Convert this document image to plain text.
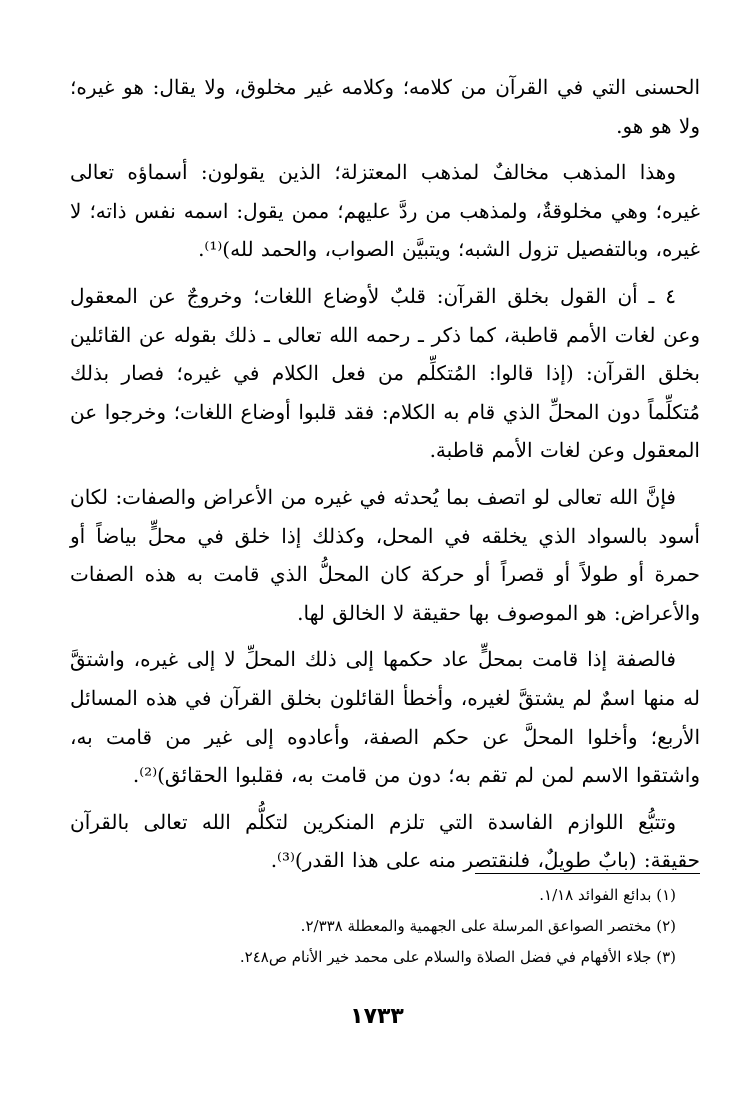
الحسنى التي في القرآن من كلامه؛ وكلامه غير مخلوق، ولا يقال: هو غيره؛ ولا هو هو.

وهذا المذهب مخالفٌ لمذهب المعتزلة؛ الذين يقولون: أسماؤه تعالى غيره؛ وهي مخلوقةٌ، ولمذهب من ردَّ عليهم؛ ممن يقول: اسمه نفس ذاته؛ لا غيره، وبالتفصيل تزول الشبه؛ ويتبيَّن الصواب، والحمد لله)⁽¹⁾.

٤ ـ أن القول بخلق القرآن: قلبٌ لأوضاع اللغات؛ وخروجٌ عن المعقول وعن لغات الأمم قاطبة، كما ذكر ـ رحمه الله تعالى ـ ذلك بقوله عن القائلين بخلق القرآن: (إذا قالوا: المُتكلِّم من فعل الكلام في غيره؛ فصار بذلك مُتكلِّماً دون المحلِّ الذي قام به الكلام: فقد قلبوا أوضاع اللغات؛ وخرجوا عن المعقول وعن لغات الأمم قاطبة.

فإنَّ الله تعالى لو اتصف بما يُحدثه في غيره من الأعراض والصفات: لكان أسود بالسواد الذي يخلقه في المحل، وكذلك إذا خلق في محلٍّ بياضاً أو حمرة أو طولاً أو قصراً أو حركة كان المحلُّ الذي قامت به هذه الصفات والأعراض: هو الموصوف بها حقيقة لا الخالق لها.

فالصفة إذا قامت بمحلٍّ عاد حكمها إلى ذلك المحلِّ لا إلى غيره، واشتقَّ له منها اسمٌ لم يشتقَّ لغيره، وأخطأ القائلون بخلق القرآن في هذه المسائل الأربع؛ وأخلوا المحلَّ عن حكم الصفة، وأعادوه إلى غير من قامت به، واشتقوا الاسم لمن لم تقم به؛ دون من قامت به، فقلبوا الحقائق)⁽²⁾.

وتتبُّع اللوازم الفاسدة التي تلزم المنكرين لتكلُّم الله تعالى بالقرآن حقيقة: (بابٌ طويلٌ، فلنقتصر منه على هذا القدر)⁽³⁾.

(١) بدائع الفوائد ١/١٨.

(٢) مختصر الصواعق المرسلة على الجهمية والمعطلة ٢/٣٣٨.

(٣) جلاء الأفهام في فضل الصلاة والسلام على محمد خير الأنام ص٢٤٨.

١٧٣٣
